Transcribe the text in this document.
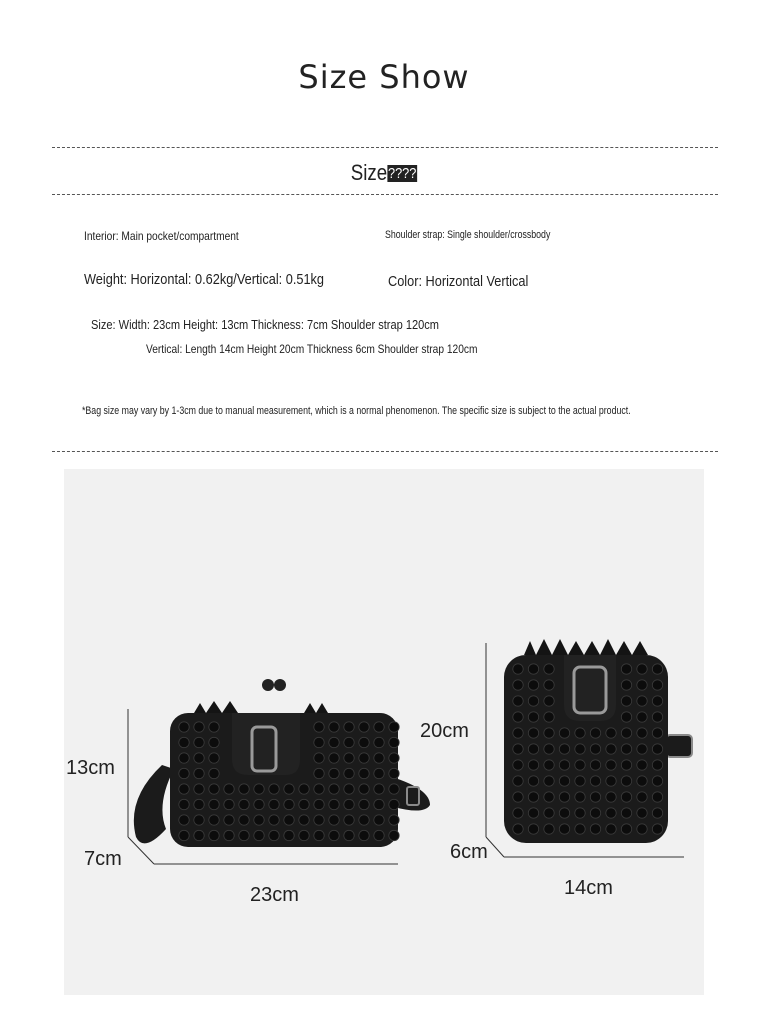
Size Show
Size????
Interior: Main pocket/compartment	Shoulder strap: Single shoulder/crossbody
Weight: Horizontal: 0.62kg/Vertical: 0.51kg	Color: Horizontal Vertical
Size: Width: 23cm Height: 13cm Thickness: 7cm Shoulder strap 120cm
Vertical: Length 14cm Height 20cm Thickness 6cm Shoulder strap 120cm
*Bag size may vary by 1-3cm due to manual measurement, which is a normal phenomenon. The specific size is subject to the actual product.
13cm
7cm
23cm
20cm
6cm
14cm
